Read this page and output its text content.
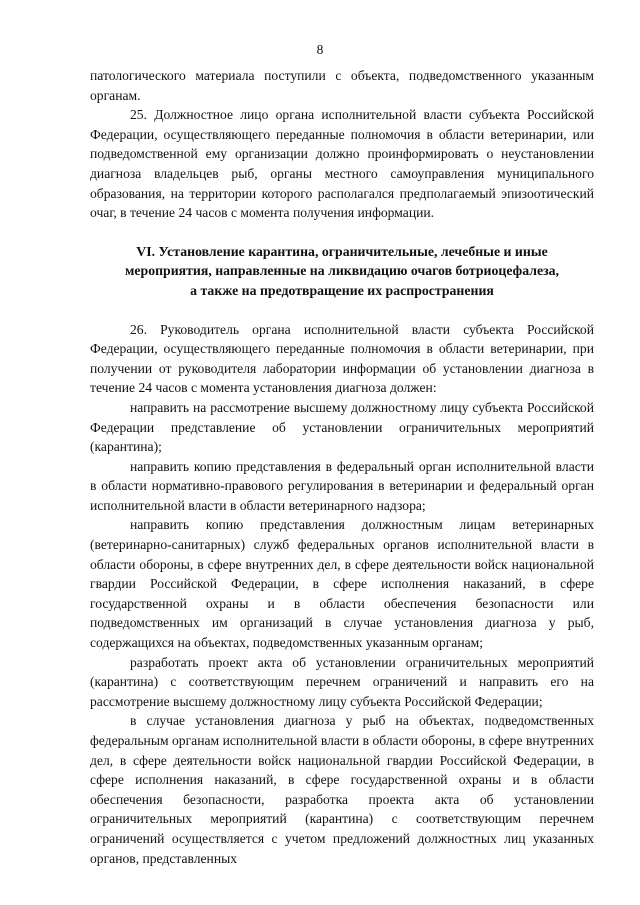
8

патологического материала поступили с объекта, подведомственного указанным органам.

25. Должностное лицо органа исполнительной власти субъекта Российской Федерации, осуществляющего переданные полномочия в области ветеринарии, или подведомственной ему организации должно проинформировать о неустановлении диагноза владельцев рыб, органы местного самоуправления муниципального образования, на территории которого располагался предполагаемый эпизоотический очаг, в течение 24 часов с момента получения информации.

VI. Установление карантина, ограничительные, лечебные и иные
мероприятия, направленные на ликвидацию очагов ботриоцефалеза,
а также на предотвращение их распространения

26. Руководитель органа исполнительной власти субъекта Российской Федерации, осуществляющего переданные полномочия в области ветеринарии, при получении от руководителя лаборатории информации об установлении диагноза в течение 24 часов с момента установления диагноза должен:

направить на рассмотрение высшему должностному лицу субъекта Российской Федерации представление об установлении ограничительных мероприятий (карантина);

направить копию представления в федеральный орган исполнительной власти в области нормативно-правового регулирования в ветеринарии и федеральный орган исполнительной власти в области ветеринарного надзора;

направить копию представления должностным лицам ветеринарных (ветеринарно-санитарных) служб федеральных органов исполнительной власти в области обороны, в сфере внутренних дел, в сфере деятельности войск национальной гвардии Российской Федерации, в сфере исполнения наказаний, в сфере государственной охраны и в области обеспечения безопасности или подведомственных им организаций в случае установления диагноза у рыб, содержащихся на объектах, подведомственных указанным органам;

разработать проект акта об установлении ограничительных мероприятий (карантина) с соответствующим перечнем ограничений и направить его на рассмотрение высшему должностному лицу субъекта Российской Федерации;

в случае установления диагноза у рыб на объектах, подведомственных федеральным органам исполнительной власти в области обороны, в сфере внутренних дел, в сфере деятельности войск национальной гвардии Российской Федерации, в сфере исполнения наказаний, в сфере государственной охраны и в области обеспечения безопасности, разработка проекта акта об установлении ограничительных мероприятий (карантина) с соответствующим перечнем ограничений осуществляется с учетом предложений должностных лиц указанных органов, представленных
